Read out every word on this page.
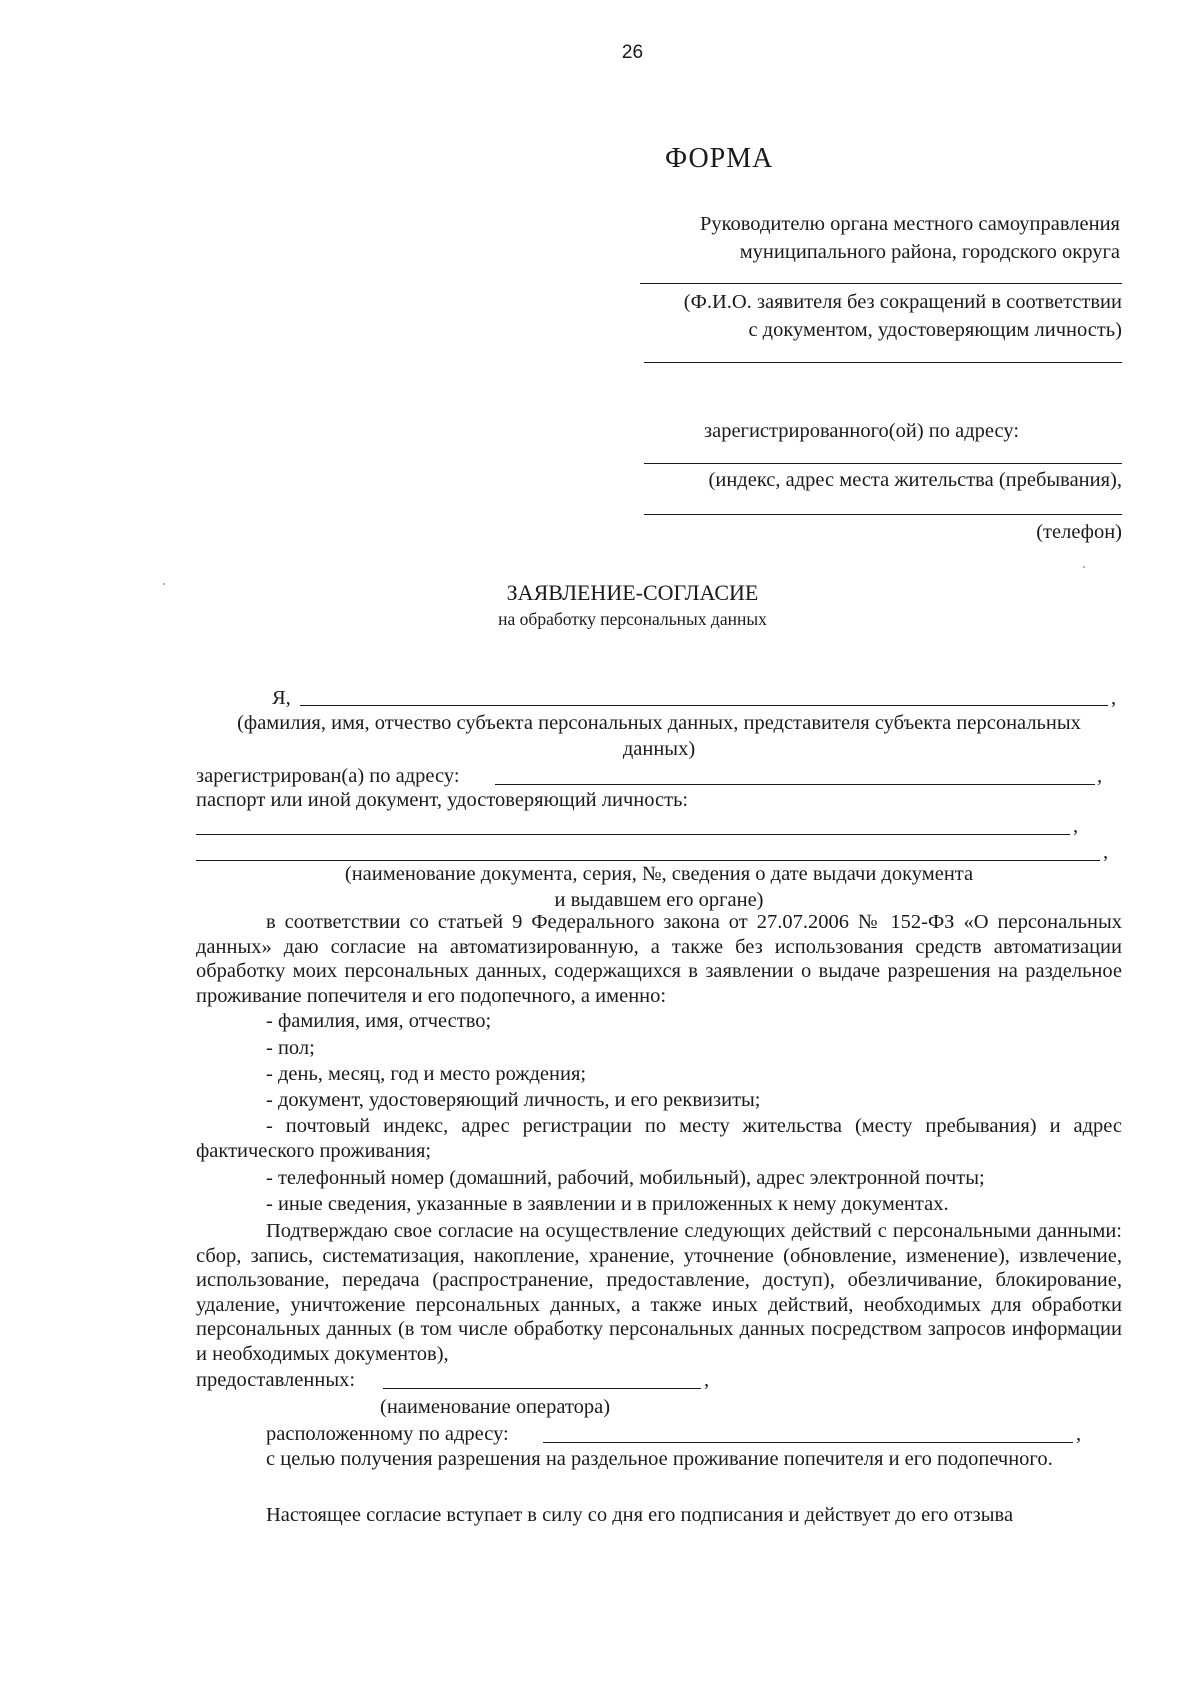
26
ФОРМА
Руководителю органа местного самоуправления
муниципального района, городского округа
(Ф.И.О. заявителя без сокращений в соответствии
с документом, удостоверяющим личность)
зарегистрированного(ой) по адресу:
(индекс, адрес места жительства (пребывания),
(телефон)
ЗАЯВЛЕНИЕ-СОГЛАСИЕ
на обработку персональных данных
Я,	,
(фамилия, имя, отчество субъекта персональных данных, представителя субъекта персональных
данных)
зарегистрирован(а) по адресу:	,
паспорт или иной документ, удостоверяющий личность:
,
,
(наименование документа, серия, №, сведения о дате выдачи документа
и выдавшем его органе)
в соответствии со статьей 9 Федерального закона от 27.07.2006 № 152-ФЗ «О персональных данных» даю согласие на автоматизированную, а также без использования средств автоматизации обработку моих персональных данных, содержащихся в заявлении о выдаче разрешения на раздельное проживание попечителя и его подопечного, а именно:
- фамилия, имя, отчество;
- пол;
- день, месяц, год и место рождения;
- документ, удостоверяющий личность, и его реквизиты;
- почтовый индекс, адрес регистрации по месту жительства (месту пребывания) и адрес фактического проживания;
- телефонный номер (домашний, рабочий, мобильный), адрес электронной почты;
- иные сведения, указанные в заявлении и в приложенных к нему документах.
Подтверждаю свое согласие на осуществление следующих действий с персональными данными: сбор, запись, систематизация, накопление, хранение, уточнение (обновление, изменение), извлечение, использование, передача (распространение, предоставление, доступ), обезличивание, блокирование, удаление, уничтожение персональных данных, а также иных действий, необходимых для обработки персональных данных (в том числе обработку персональных данных посредством запросов информации и необходимых документов),
предоставленных:	,
(наименование оператора)
расположенному по адресу:	,
с целью получения разрешения на раздельное проживание попечителя и его подопечного.
Настоящее согласие вступает в силу со дня его подписания и действует до его отзыва
